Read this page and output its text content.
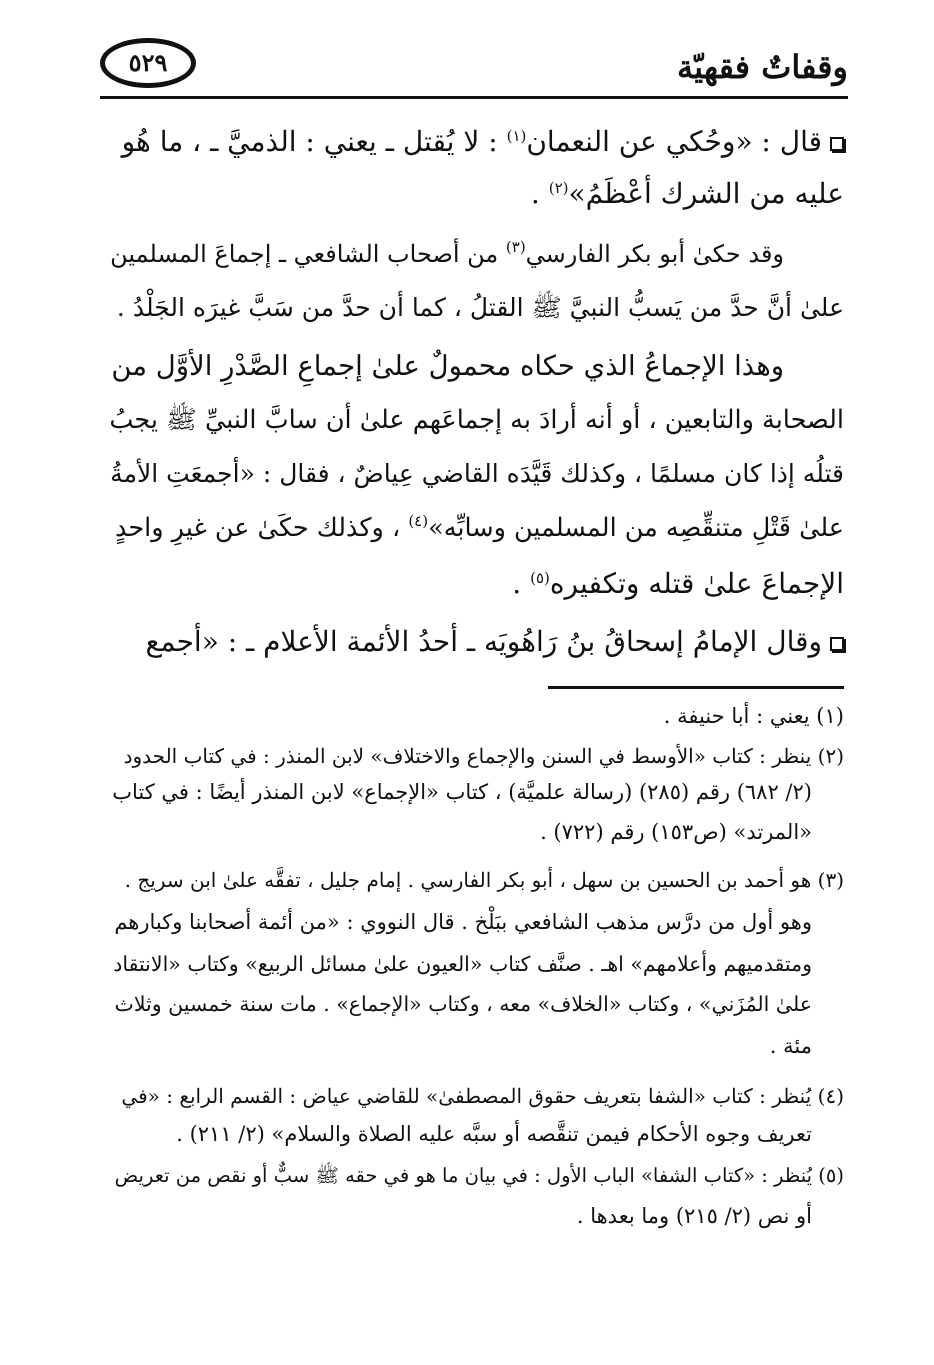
وقفاتٌ فقهيّة
٥٢٩
قال : «وحُكي عن النعمان$^{(١)}$ : لا يُقتل ـ يعني : الذميَّ ـ ، ما هُو
عليه من الشرك أعْظَمُ»$^{(٢)}$ .
وقد حكىٰ أبو بكر الفارسي$^{(٣)}$ من أصحاب الشافعي ـ إجماعَ المسلمين
علىٰ أنَّ حدَّ من يَسبُّ النبيَّ ﷺ القتلُ ، كما أن حدَّ من سَبَّ غيرَه الجَلْدُ .
وهذا الإجماعُ الذي حكاه محمولٌ علىٰ إجماعِ الصَّدْرِ الأوَّل من
الصحابة والتابعين ، أو أنه أرادَ به إجماعَهم علىٰ أن سابَّ النبيِّ ﷺ يجبُ
قتلُه إذا كان مسلمًا ، وكذلك قَيَّدَه القاضي عِياضٌ ، فقال : «أجمعَتِ الأمةُ
علىٰ قَتْلِ متنقِّصِه من المسلمين وسابِّه»$^{(٤)}$ ، وكذلك حكَىٰ عن غيرِ واحدٍ
الإجماعَ علىٰ قتله وتكفيره$^{(٥)}$ .
وقال الإمامُ إسحاقُ بنُ رَاهُويَه ـ أحدُ الأئمة الأعلام ـ : «أجمع
(١) يعني : أبا حنيفة .
(٢) ينظر : كتاب «الأوسط في السنن والإجماع والاختلاف» لابن المنذر : في كتاب الحدود
(٢/ ٦٨٢) رقم (٢٨٥) (رسالة علميَّة) ، كتاب «الإجماع» لابن المنذر أيضًا : في كتاب
«المرتد» (ص١٥٣) رقم (٧٢٢) .
(٣) هو أحمد بن الحسين بن سهل ، أبو بكر الفارسي . إمام جليل ، تفقَّه علىٰ ابن سريج .
وهو أول من درَّس مذهب الشافعي ببَلْخ . قال النووي : «من أئمة أصحابنا وكبارهم
ومتقدميهم وأعلامهم» اهـ . صنَّف كتاب «العيون علىٰ مسائل الربيع» وكتاب «الانتقاد
علىٰ المُزَني» ، وكتاب «الخلاف» معه ، وكتاب «الإجماع» . مات سنة خمسين وثلاث
مئة .
(٤) يُنظر : كتاب «الشفا بتعريف حقوق المصطفىٰ» للقاضي عياض : القسم الرابع : «في
تعريف وجوه الأحكام فيمن تنقَّصه أو سبَّه عليه الصلاة والسلام» (٢/ ٢١١) .
(٥) يُنظر : «كتاب الشفا» الباب الأول : في بيان ما هو في حقه ﷺ سبٌّ أو نقص من تعريض
أو نص (٢/ ٢١٥) وما بعدها .
